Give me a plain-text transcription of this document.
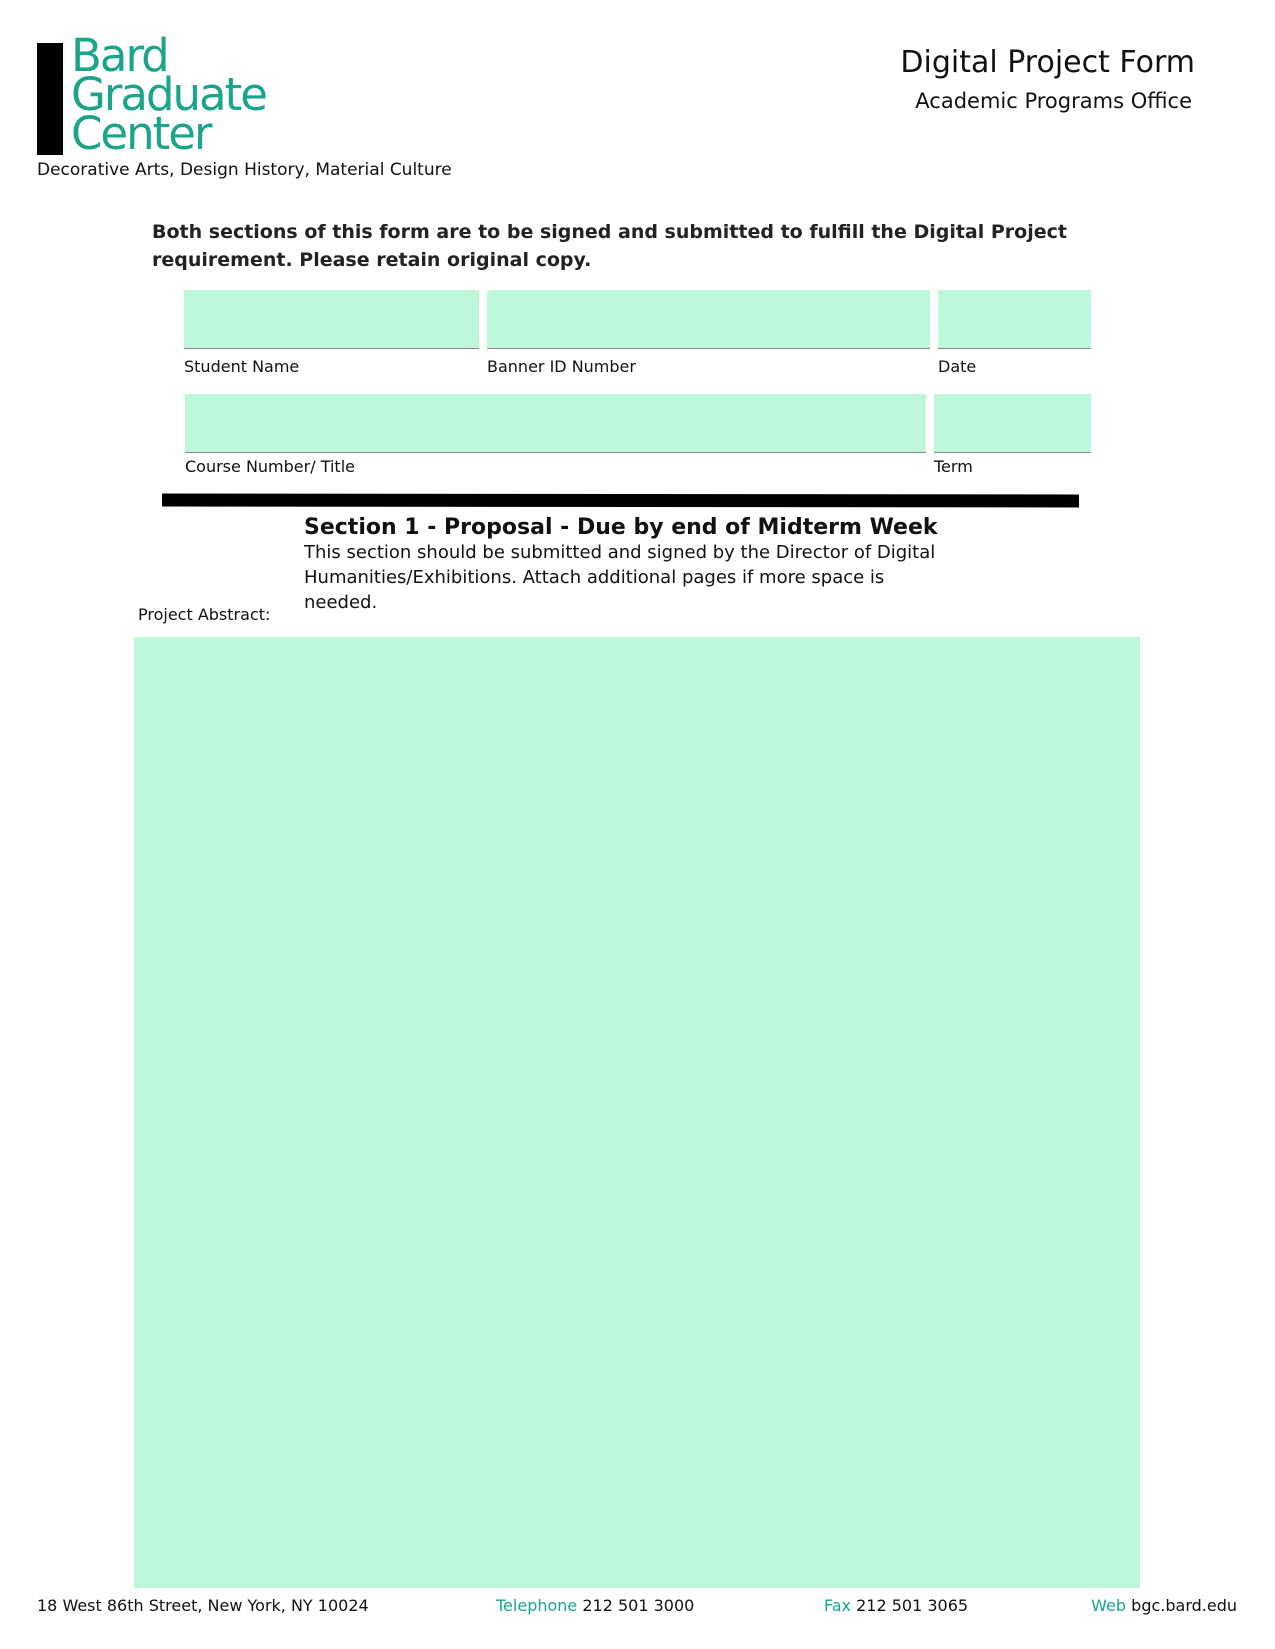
Bard
Graduate
Center
Decorative Arts, Design History, Material Culture
Digital Project Form
Academic Programs Office
Both sections of this form are to be signed and submitted to fulfill the Digital Project requirement. Please retain original copy.
Student Name	Banner ID Number	Date
Course Number/ Title	Term
Section 1 - Proposal - Due by end of Midterm Week
This section should be submitted and signed by the Director of Digital Humanities/Exhibitions. Attach additional pages if more space is needed.
Project Abstract:
18 West 86th Street, New York, NY 10024	Telephone 212 501 3000	Fax 212 501 3065	Web bgc.bard.edu
